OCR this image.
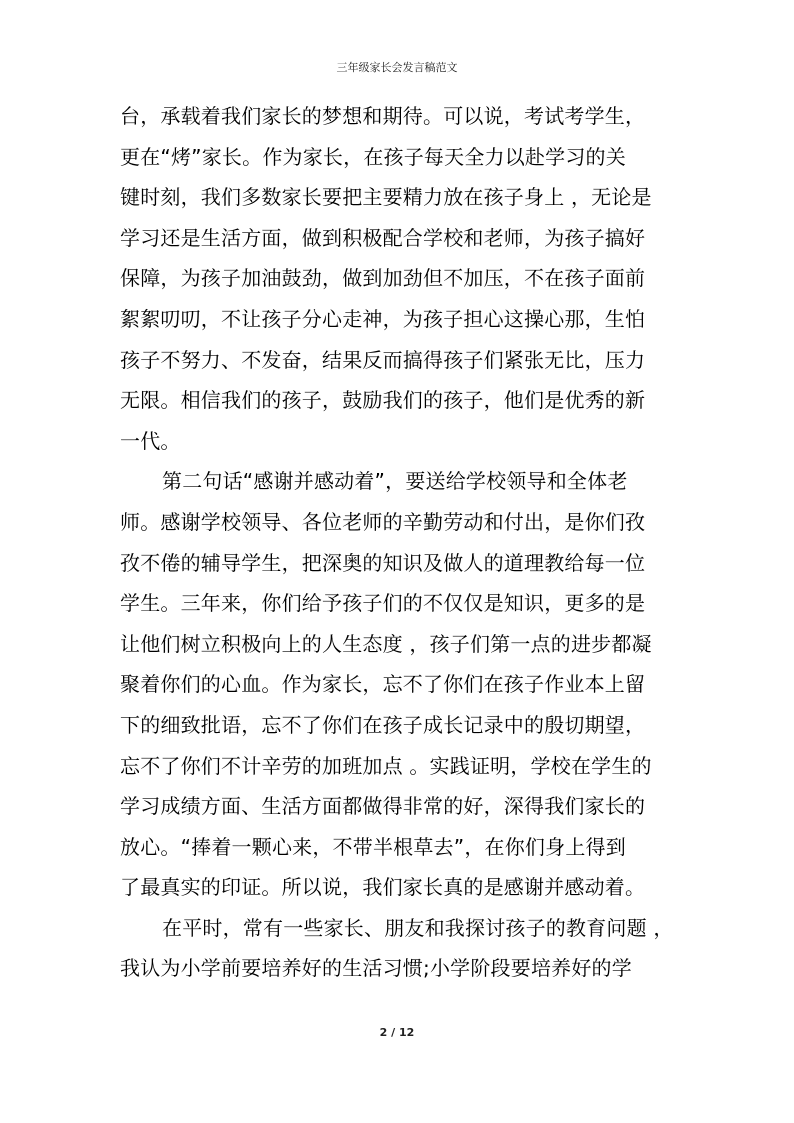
三年级家长会发言稿范文
台，承载着我们家长的梦想和期待。可以说，考试考学生，
更在“烤”家长。作为家长，在孩子每天全力以赴学习的关
键时刻，我们多数家长要把主要精力放在孩子身上 ，无论是
学习还是生活方面，做到积极配合学校和老师，为孩子搞好
保障，为孩子加油鼓劲，做到加劲但不加压，不在孩子面前
絮絮叨叨，不让孩子分心走神，为孩子担心这操心那，生怕
孩子不努力、不发奋，结果反而搞得孩子们紧张无比，压力
无限。相信我们的孩子，鼓励我们的孩子，他们是优秀的新
一代。
第二句话“感谢并感动着”，要送给学校领导和全体老
师。感谢学校领导、各位老师的辛勤劳动和付出，是你们孜
孜不倦的辅导学生，把深奥的知识及做人的道理教给每一位
学生。三年来，你们给予孩子们的不仅仅是知识，更多的是
让他们树立积极向上的人生态度 ，孩子们第一点的进步都凝
聚着你们的心血。作为家长，忘不了你们在孩子作业本上留
下的细致批语，忘不了你们在孩子成长记录中的殷切期望，
忘不了你们不计辛劳的加班加点 。实践证明，学校在学生的
学习成绩方面、生活方面都做得非常的好，深得我们家长的
放心。“捧着一颗心来，不带半根草去”，在你们身上得到
了最真实的印证。所以说，我们家长真的是感谢并感动着。
在平时，常有一些家长、朋友和我探讨孩子的教育问题 ，
我认为小学前要培养好的生活习惯;小学阶段要培养好的学
2 / 12
